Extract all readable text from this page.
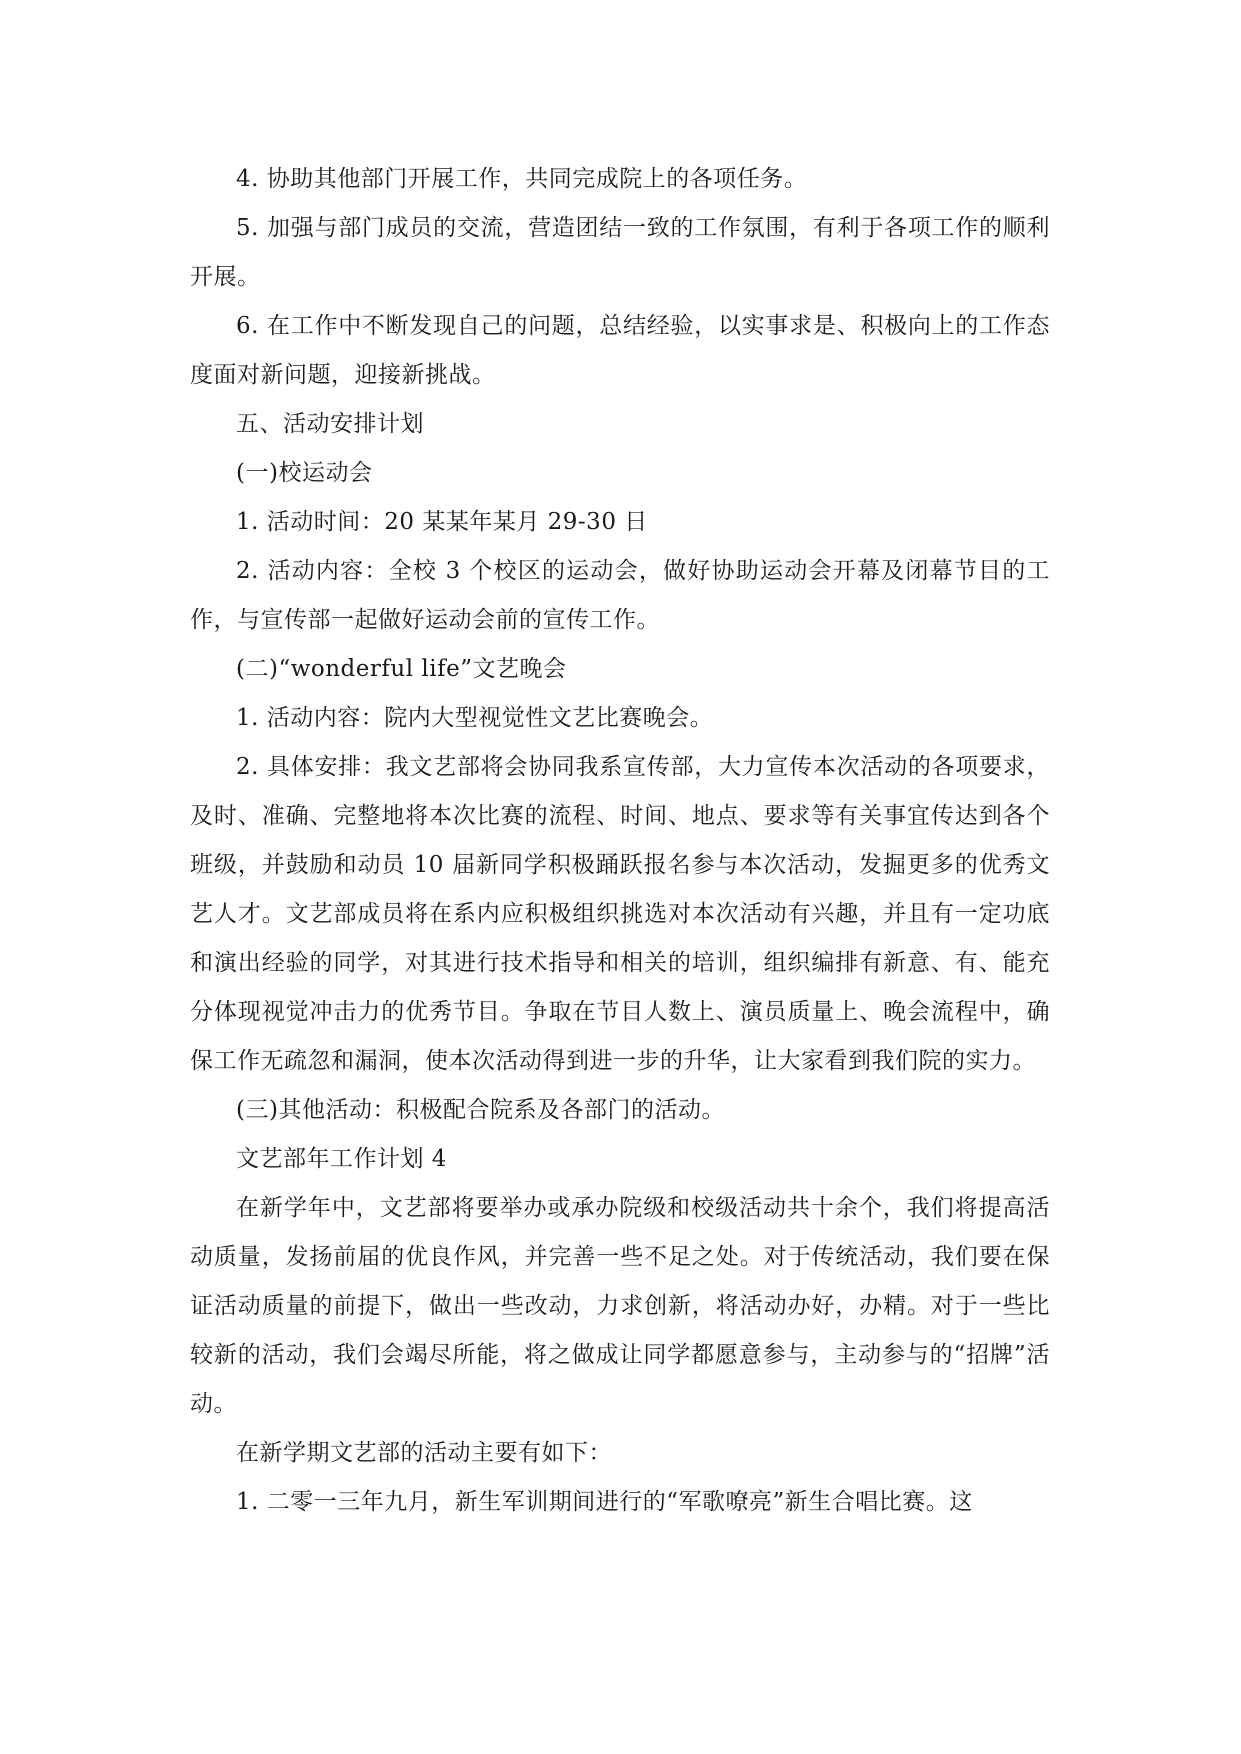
4. 协助其他部门开展工作，共同完成院上的各项任务。

5. 加强与部门成员的交流，营造团结一致的工作氛围，有利于各项工作的顺利开展。

6. 在工作中不断发现自己的问题，总结经验，以实事求是、积极向上的工作态度面对新问题，迎接新挑战。

五、活动安排计划

(一)校运动会

1. 活动时间：20 某某年某月 29-30 日

2. 活动内容：全校 3 个校区的运动会，做好协助运动会开幕及闭幕节目的工作，与宣传部一起做好运动会前的宣传工作。

(二)“wonderful life”文艺晚会

1. 活动内容：院内大型视觉性文艺比赛晚会。

2. 具体安排：我文艺部将会协同我系宣传部，大力宣传本次活动的各项要求，及时、准确、完整地将本次比赛的流程、时间、地点、要求等有关事宜传达到各个班级，并鼓励和动员 10 届新同学积极踊跃报名参与本次活动，发掘更多的优秀文艺人才。文艺部成员将在系内应积极组织挑选对本次活动有兴趣，并且有一定功底和演出经验的同学，对其进行技术指导和相关的培训，组织编排有新意、有、能充分体现视觉冲击力的优秀节目。争取在节目人数上、演员质量上、晚会流程中，确保工作无疏忽和漏洞，使本次活动得到进一步的升华，让大家看到我们院的实力。

(三)其他活动：积极配合院系及各部门的活动。

文艺部年工作计划 4

在新学年中，文艺部将要举办或承办院级和校级活动共十余个，我们将提高活动质量，发扬前届的优良作风，并完善一些不足之处。对于传统活动，我们要在保证活动质量的前提下，做出一些改动，力求创新，将活动办好，办精。对于一些比较新的活动，我们会竭尽所能，将之做成让同学都愿意参与，主动参与的“招牌”活动。

在新学期文艺部的活动主要有如下：

1. 二零一三年九月，新生军训期间进行的“军歌嘹亮”新生合唱比赛。这
